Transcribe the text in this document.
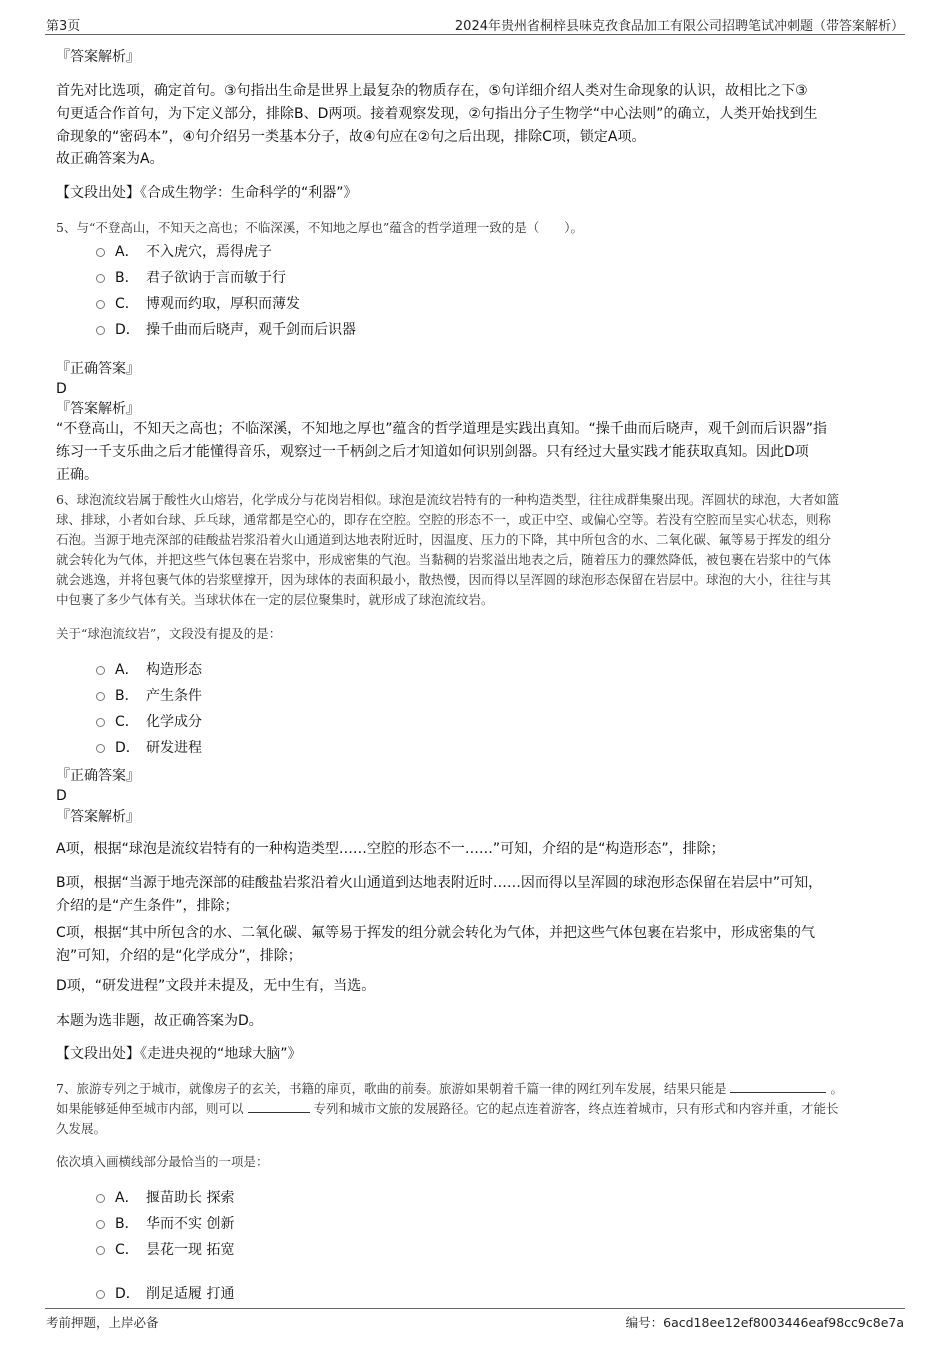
第3页	2024年贵州省桐梓县味克孜食品加工有限公司招聘笔试冲刺题（带答案解析）
『答案解析』
首先对比选项，确定首句。③句指出生命是世界上最复杂的物质存在，⑤句详细介绍人类对生命现象的认识，故相比之下③
句更适合作首句，为下定义部分，排除B、D两项。接着观察发现，②句指出分子生物学“中心法则”的确立，人类开始找到生
命现象的“密码本”，④句介绍另一类基本分子，故④句应在②句之后出现，排除C项，锁定A项。
故正确答案为A。
【文段出处】《合成生物学：生命科学的“利器”》
5、与“不登高山，不知天之高也；不临深溪，不知地之厚也”蕴含的哲学道理一致的是（　　）。
A． 不入虎穴，焉得虎子
B． 君子欲讷于言而敏于行
C． 博观而约取，厚积而薄发
D． 操千曲而后晓声，观千剑而后识器
『正确答案』
D
『答案解析』
“不登高山，不知天之高也；不临深溪，不知地之厚也”蕴含的哲学道理是实践出真知。“操千曲而后晓声，观千剑而后识器”指
练习一千支乐曲之后才能懂得音乐，观察过一千柄剑之后才知道如何识别剑器。只有经过大量实践才能获取真知。因此D项
正确。
6、球泡流纹岩属于酸性火山熔岩，化学成分与花岗岩相似。球泡是流纹岩特有的一种构造类型，往往成群集聚出现。浑圆状的球泡，大者如篮
球、排球，小者如台球、乒乓球，通常都是空心的，即存在空腔。空腔的形态不一，或正中空、或偏心空等。若没有空腔而呈实心状态，则称
石泡。当源于地壳深部的硅酸盐岩浆沿着火山通道到达地表附近时，因温度、压力的下降，其中所包含的水、二氧化碳、氟等易于挥发的组分
就会转化为气体，并把这些气体包裹在岩浆中，形成密集的气泡。当黏稠的岩浆溢出地表之后，随着压力的骤然降低，被包裹在岩浆中的气体
就会逃逸，并将包裹气体的岩浆壁撑开，因为球体的表面积最小，散热慢，因而得以呈浑圆的球泡形态保留在岩层中。球泡的大小，往往与其
中包裹了多少气体有关。当球状体在一定的层位聚集时，就形成了球泡流纹岩。
关于“球泡流纹岩”，文段没有提及的是：
A． 构造形态
B． 产生条件
C． 化学成分
D． 研发进程
『正确答案』
D
『答案解析』
A项，根据“球泡是流纹岩特有的一种构造类型……空腔的形态不一……”可知，介绍的是“构造形态”，排除；
B项，根据“当源于地壳深部的硅酸盐岩浆沿着火山通道到达地表附近时……因而得以呈浑圆的球泡形态保留在岩层中”可知，
介绍的是“产生条件”，排除；
C项，根据“其中所包含的水、二氧化碳、氟等易于挥发的组分就会转化为气体，并把这些气体包裹在岩浆中，形成密集的气
泡”可知，介绍的是“化学成分”，排除；
D项，“研发进程”文段并未提及，无中生有，当选。
本题为选非题，故正确答案为D。
【文段出处】《走进央视的“地球大脑”》
7、旅游专列之于城市，就像房子的玄关，书籍的扉页，歌曲的前奏。旅游如果朝着千篇一律的网红列车发展，结果只能是	。
如果能够延伸至城市内部，则可以	专列和城市文旅的发展路径。它的起点连着游客，终点连着城市，只有形式和内容并重，才能长
久发展。
依次填入画横线部分最恰当的一项是：
A． 揠苗助长 探索
B． 华而不实 创新
C． 昙花一现 拓宽
D． 削足适履 打通
考前押题，上岸必备	编号：6acd18ee12ef8003446eaf98cc9c8e7a
